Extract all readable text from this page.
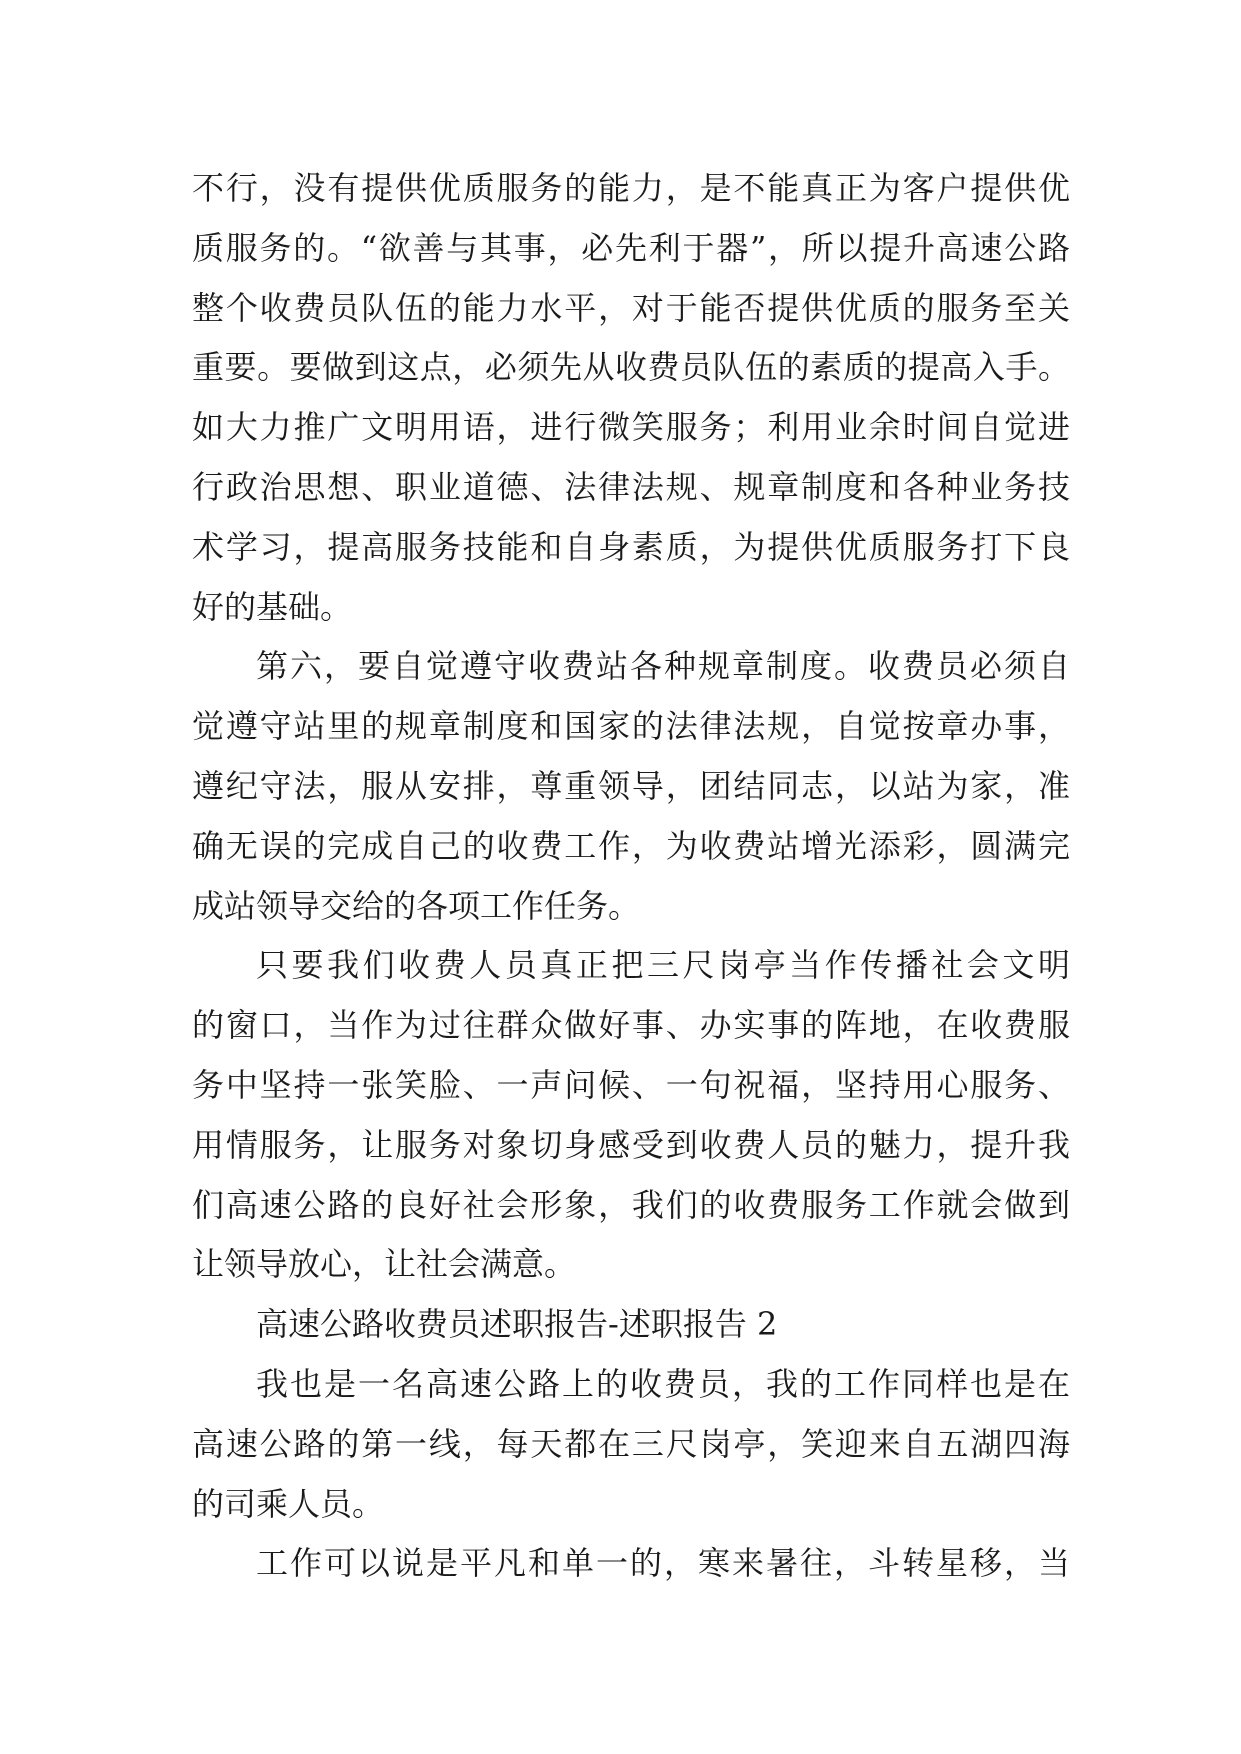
不行，没有提供优质服务的能力，是不能真正为客户提供优
质服务的。“欲善与其事，必先利于器”，所以提升高速公路
整个收费员队伍的能力水平，对于能否提供优质的服务至关
重要。要做到这点，必须先从收费员队伍的素质的提高入手。
如大力推广文明用语，进行微笑服务；利用业余时间自觉进
行政治思想、职业道德、法律法规、规章制度和各种业务技
术学习，提高服务技能和自身素质，为提供优质服务打下良
好的基础。
第六，要自觉遵守收费站各种规章制度。收费员必须自
觉遵守站里的规章制度和国家的法律法规，自觉按章办事，
遵纪守法，服从安排，尊重领导，团结同志，以站为家，准
确无误的完成自己的收费工作，为收费站增光添彩，圆满完
成站领导交给的各项工作任务。
只要我们收费人员真正把三尺岗亭当作传播社会文明
的窗口，当作为过往群众做好事、办实事的阵地，在收费服
务中坚持一张笑脸、一声问候、一句祝福，坚持用心服务、
用情服务，让服务对象切身感受到收费人员的魅力，提升我
们高速公路的良好社会形象，我们的收费服务工作就会做到
让领导放心，让社会满意。
高速公路收费员述职报告-述职报告 2
我也是一名高速公路上的收费员，我的工作同样也是在
高速公路的第一线，每天都在三尺岗亭，笑迎来自五湖四海
的司乘人员。
工作可以说是平凡和单一的，寒来暑往，斗转星移，当
